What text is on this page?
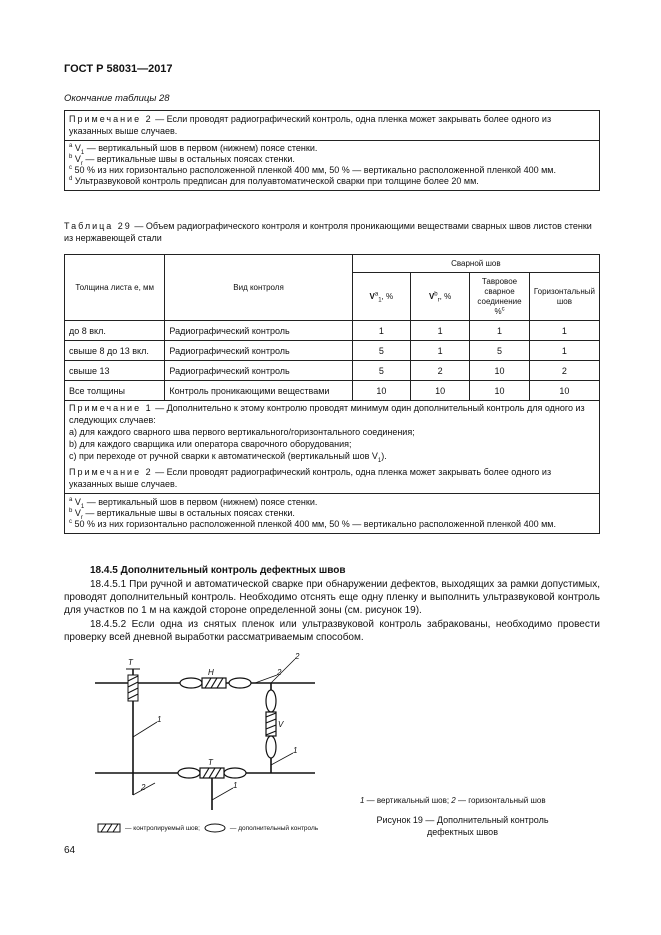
ГОСТ Р 58031—2017
Окончание таблицы 28
Примечание 2 — Если проводят радиографический контроль, одна пленка может закрывать более одного из указанных выше случаев.
$^a$ $V_1$ — вертикальный шов в первом (нижнем) поясе стенки.
$^b$ $V_r$ — вертикальные швы в остальных поясах стенки.
$^c$ 50 % из них горизонтально расположенной пленкой 400 мм, 50 % — вертикально расположенной пленкой 400 мм.
$^d$ Ультразвуковой контроль предписан для полуавтоматической сварки при толщине более 20 мм.
Таблица 29 — Объем радиографического контроля и контроля проникающими веществами сварных швов листов стенки из нержавеющей стали
Толщина листа е, мм	Вид контроля	Сварной шов			
		$V^a_1$, %	$V^b_r$, %	Тавровое сварное соединение %$^c$	Горизонтальный шов
до 8 вкл.	Радиографический контроль	1	1	1	1
свыше 8 до 13 вкл.	Радиографический контроль	5	1	5	1
свыше 13	Радиографический контроль	5	2	10	2
Все толщины	Контроль проникающими веществами	10	10	10	10
Примечание 1 — Дополнительно к этому контролю проводят минимум один дополнительный контроль для одного из следующих случаев:
a) для каждого сварного шва первого вертикального/горизонтального соединения;
b) для каждого сварщика или оператора сварочного оборудования;
c) при переходе от ручной сварки к автоматической (вертикальный шов $V_1$).
Примечание 2 — Если проводят радиографический контроль, одна пленка может закрывать более одного из указанных выше случаев.
$^a$ $V_1$ — вертикальный шов в первом (нижнем) поясе стенки.
$^b$ $V_r$ — вертикальные швы в остальных поясах стенки.
$^c$ 50 % из них горизонтально расположенной пленкой 400 мм, 50 % — вертикально расположенной пленкой 400 мм.
18.4.5 Дополнительный контроль дефектных швов
18.4.5.1 При ручной и автоматической сварке при обнаружении дефектов, выходящих за рамки допустимых, проводят дополнительный контроль. Необходимо отснять еще одну пленку и выполнить ультразвуковой контроль для участков по 1 м на каждой стороне определенной зоны (см. рисунок 19).
18.4.5.2 Если одна из снятых пленок или ультразвуковой контроль забракованы, необходимо провести проверку всей дневной выработки рассматриваемым способом.
T
H
V
T
1
1
1
2
2
2
1 — вертикальный шов; 2 — горизонтальный шов
Рисунок 19 — Дополнительный контроль дефектных швов
— контролируемый шов;	— дополнительный контроль
64
